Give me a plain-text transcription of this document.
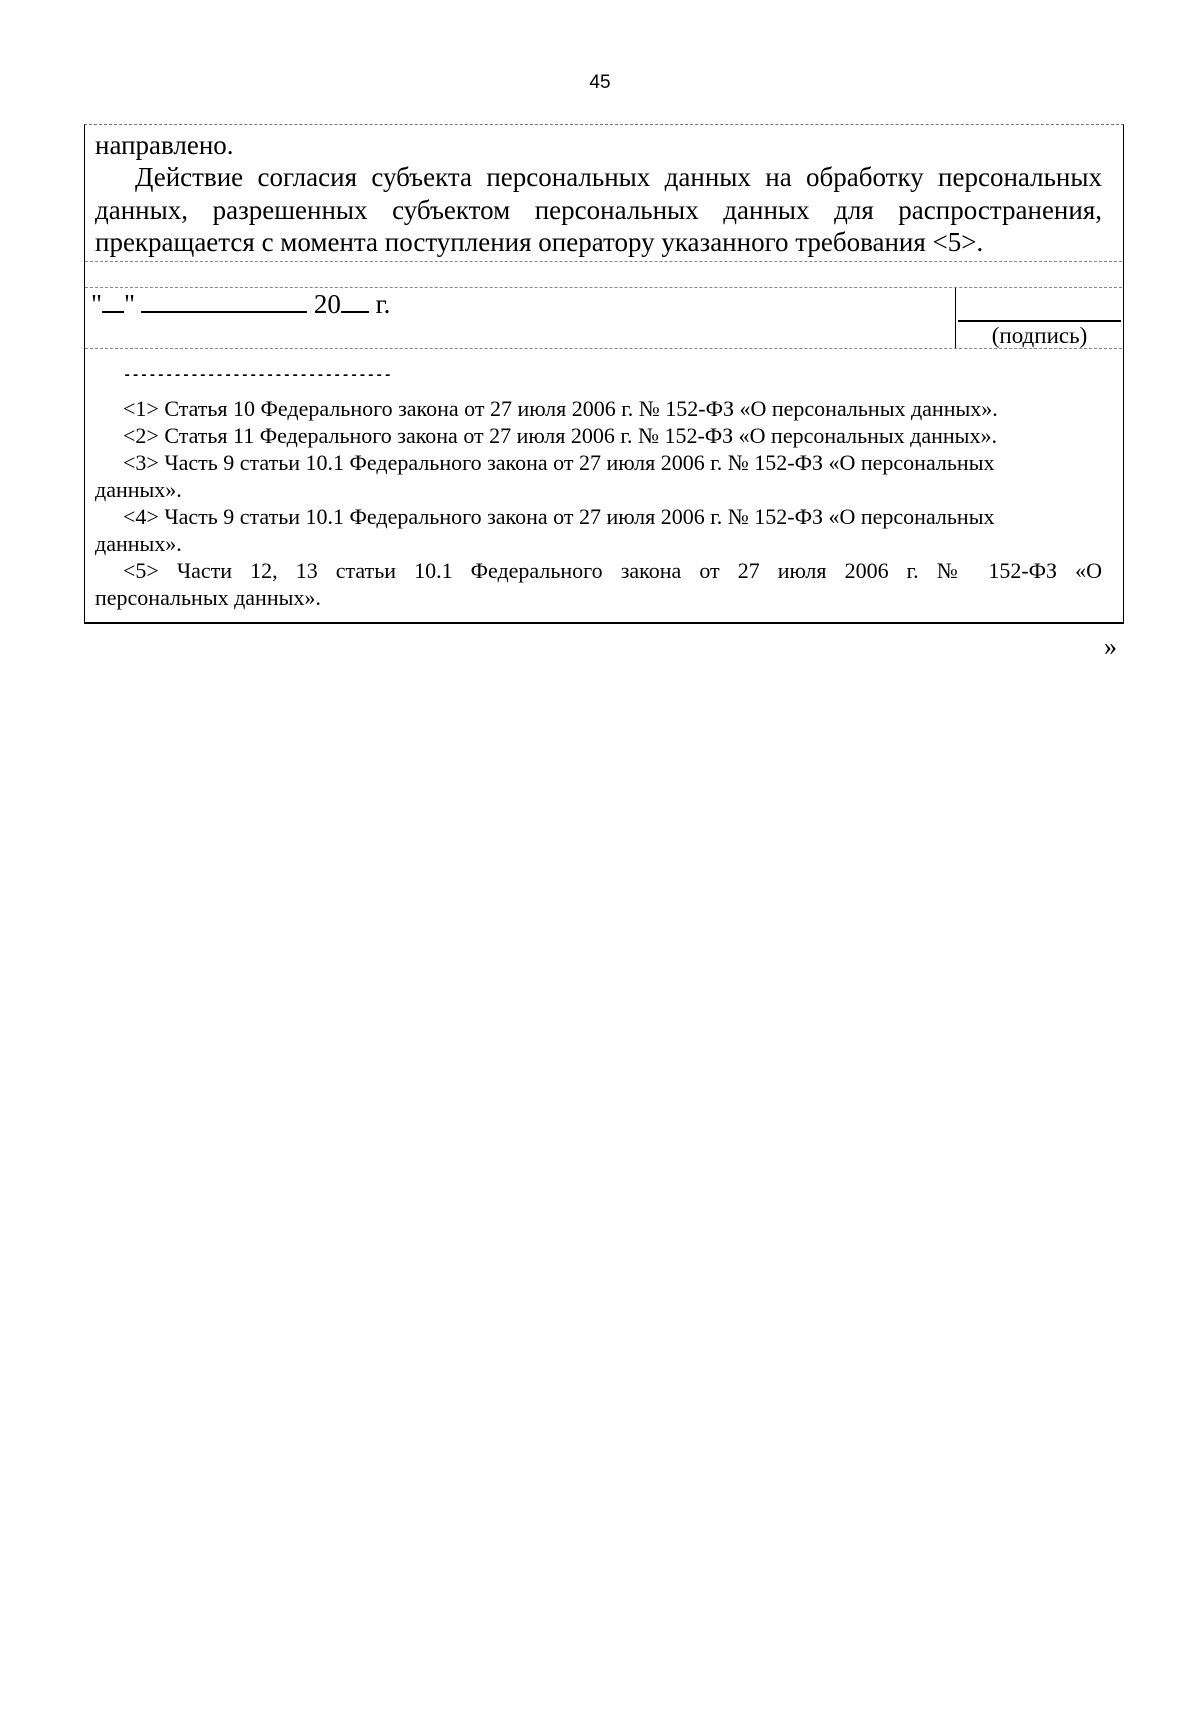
45
направлено.
Действие согласия субъекта персональных данных на обработку персональных
данных, разрешенных субъектом персональных данных для распространения,
прекращается с момента поступления оператору указанного требования <5>.
" "	20 г.
(подпись)
--------------------------------
<1> Статья 10 Федерального закона от 27 июля 2006 г. № 152-ФЗ «О персональных данных».
<2> Статья 11 Федерального закона от 27 июля 2006 г. № 152-ФЗ «О персональных данных».
<3> Часть 9 статьи 10.1 Федерального закона от 27 июля 2006 г. № 152-ФЗ «О персональных
данных».
<4> Часть 9 статьи 10.1 Федерального закона от 27 июля 2006 г. № 152-ФЗ «О персональных
данных».
<5> Части 12, 13 статьи 10.1 Федерального закона от 27 июля 2006 г. № 152-ФЗ «О
персональных данных».
»
